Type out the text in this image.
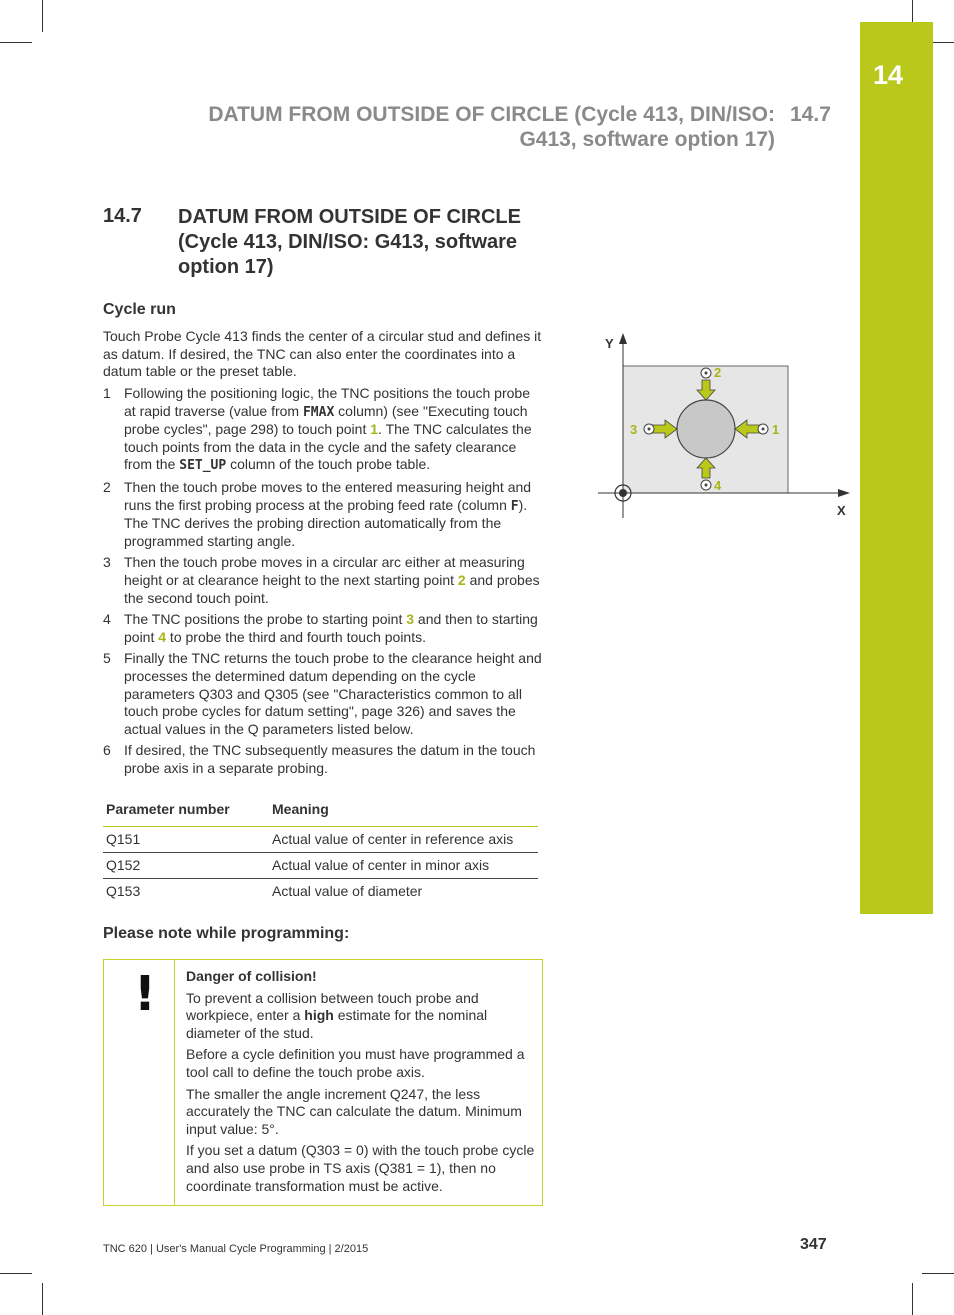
14
DATUM FROM OUTSIDE OF CIRCLE (Cycle 413, DIN/ISO: G413, software option 17)
14.7
14.7 DATUM FROM OUTSIDE OF CIRCLE (Cycle 413, DIN/ISO: G413, software option 17)
Cycle run
Touch Probe Cycle 413 finds the center of a circular stud and defines it as datum. If desired, the TNC can also enter the coordinates into a datum table or the preset table.
1 Following the positioning logic, the TNC positions the touch probe at rapid traverse (value from FMAX column) (see "Executing touch probe cycles", page 298) to touch point 1. The TNC calculates the touch points from the data in the cycle and the safety clearance from the SET_UP column of the touch probe table.
2 Then the touch probe moves to the entered measuring height and runs the first probing process at the probing feed rate (column F). The TNC derives the probing direction automatically from the programmed starting angle.
3 Then the touch probe moves in a circular arc either at measuring height or at clearance height to the next starting point 2 and probes the second touch point.
4 The TNC positions the probe to starting point 3 and then to starting point 4 to probe the third and fourth touch points.
5 Finally the TNC returns the touch probe to the clearance height and processes the determined datum depending on the cycle parameters Q303 and Q305 (see "Characteristics common to all touch probe cycles for datum setting", page 326) and saves the actual values in the Q parameters listed below.
6 If desired, the TNC subsequently measures the datum in the touch probe axis in a separate probing.
Parameter number	Meaning
Q151	Actual value of center in reference axis
Q152	Actual value of center in minor axis
Q153	Actual value of diameter
Please note while programming:
! Danger of collision!

To prevent a collision between touch probe and workpiece, enter a high estimate for the nominal diameter of the stud.

Before a cycle definition you must have programmed a tool call to define the touch probe axis.

The smaller the angle increment Q247, the less accurately the TNC can calculate the datum. Minimum input value: 5°.

If you set a datum (Q303 = 0) with the touch probe cycle and also use probe in TS axis (Q381 = 1), then no coordinate transformation must be active.

Y
X
1
2
3
4
TNC 620 | User's Manual Cycle Programming | 2/2015	347
